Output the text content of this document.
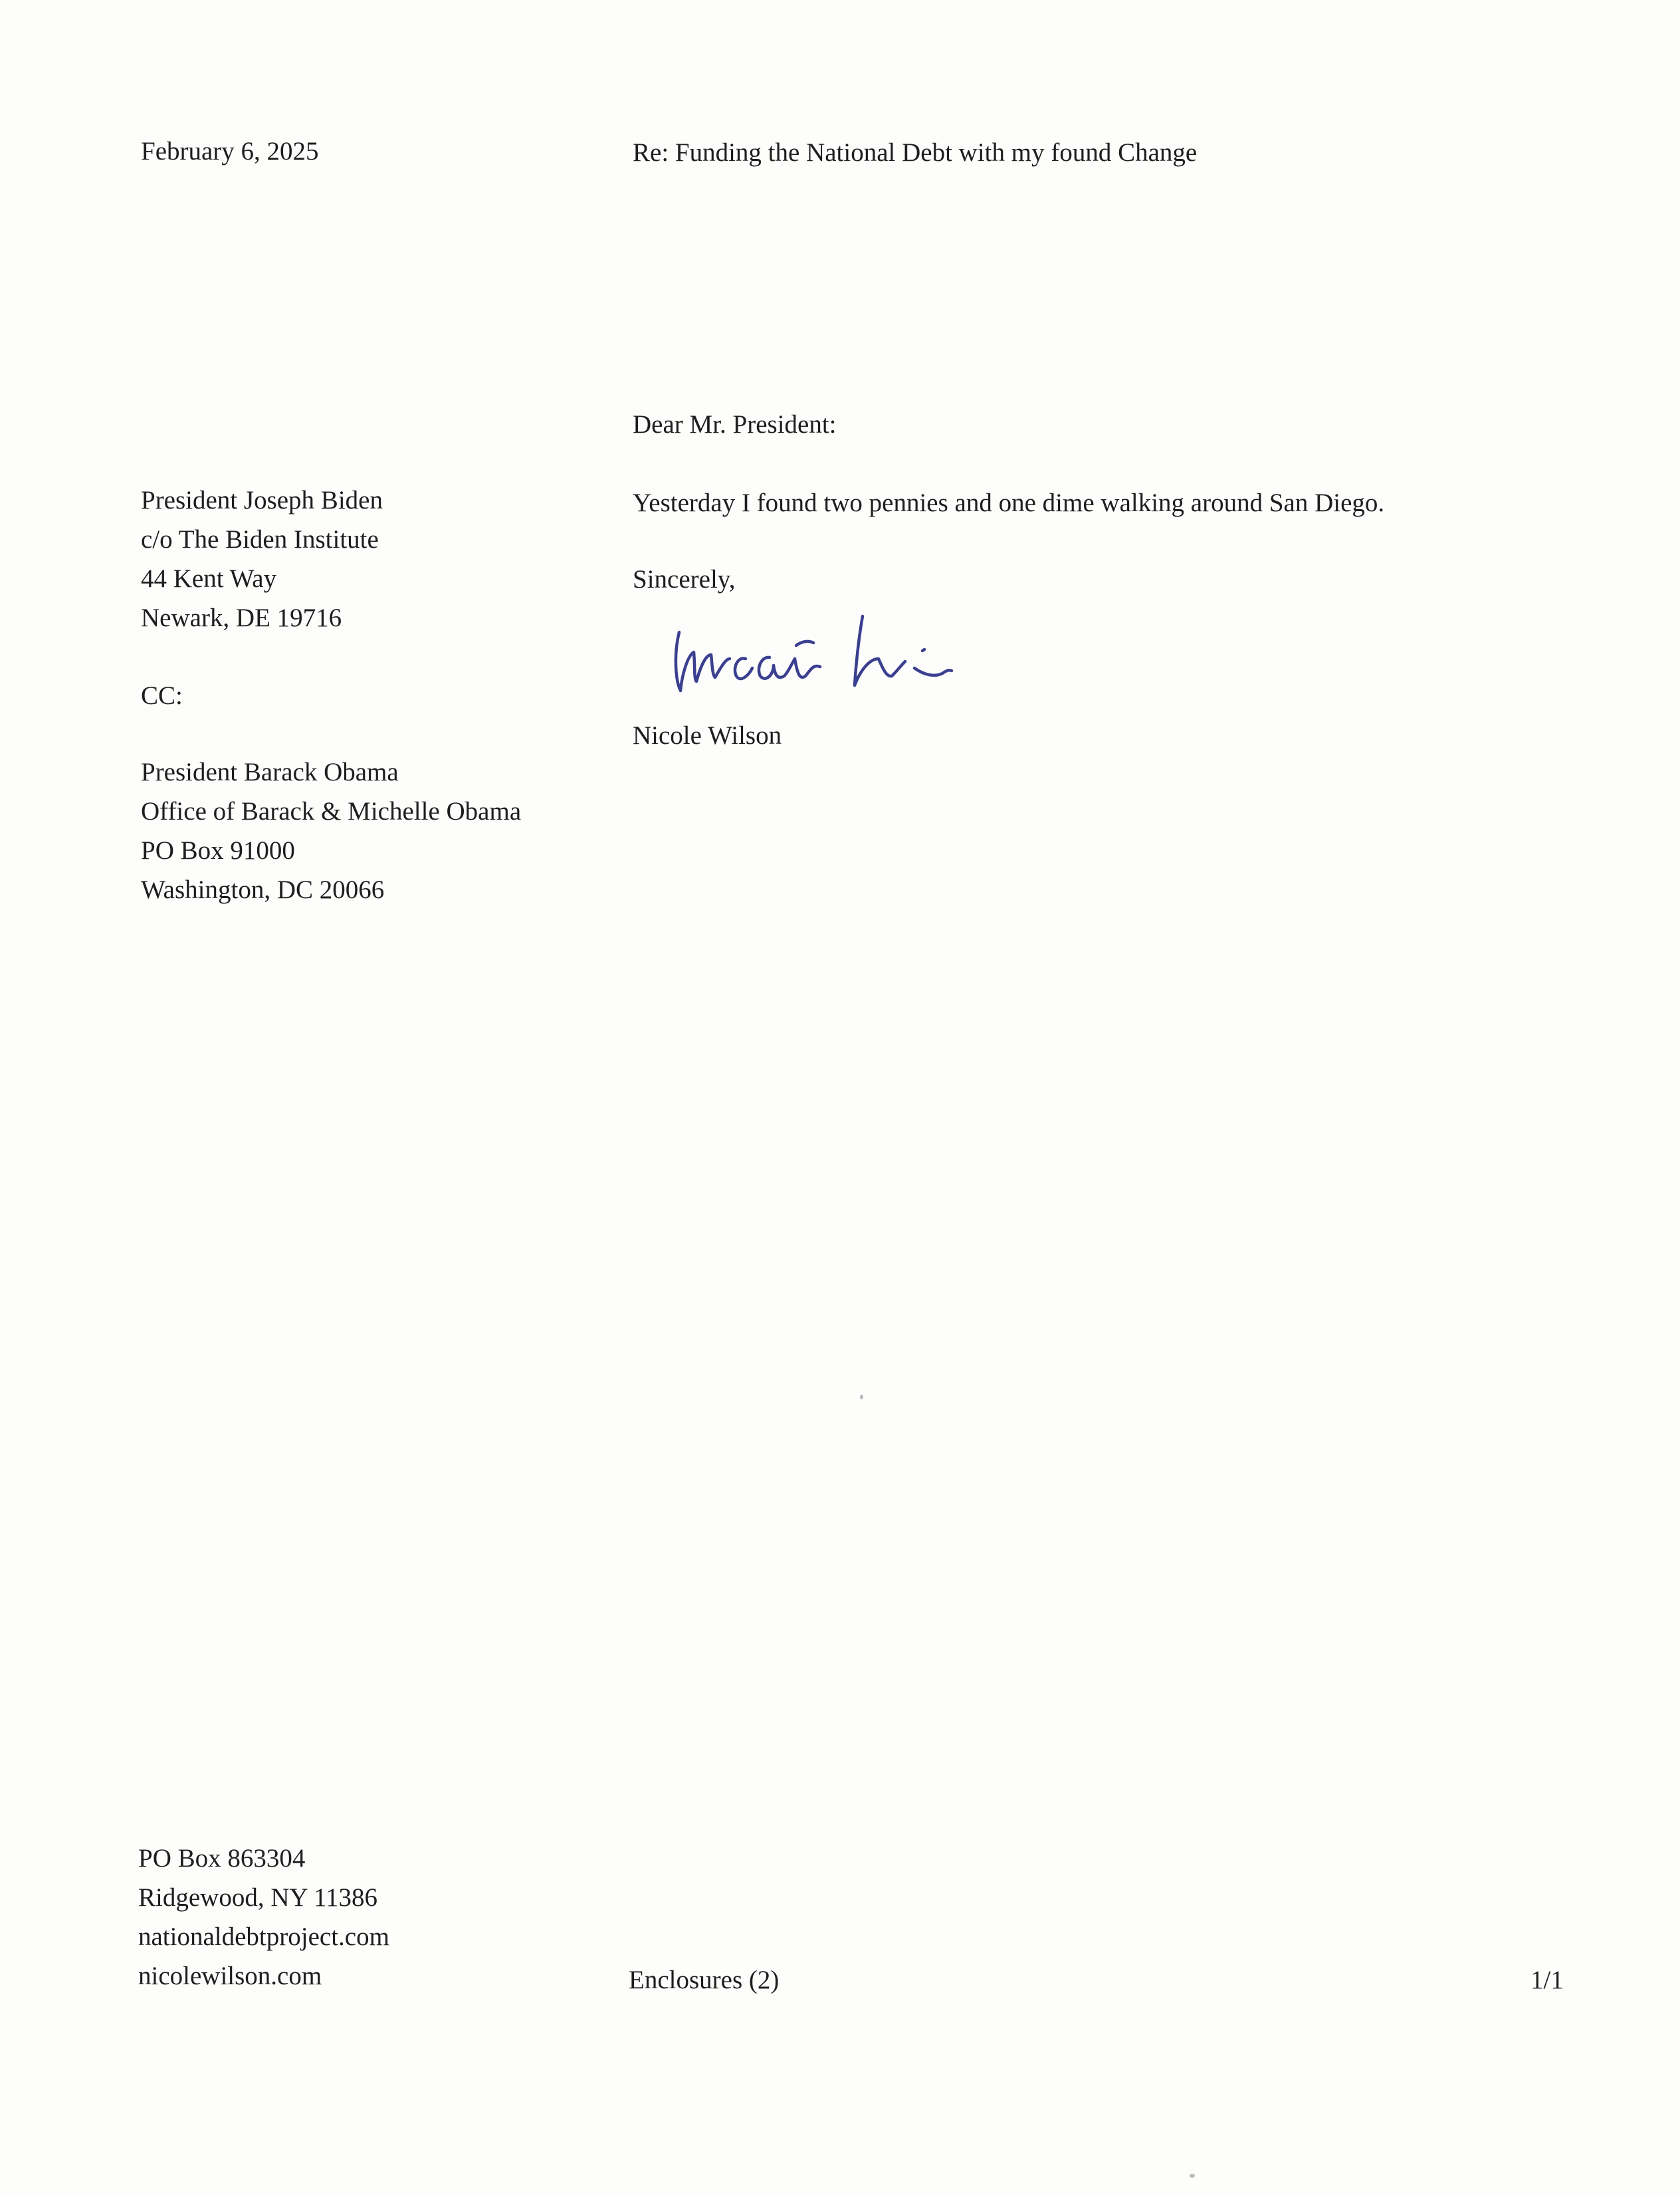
February 6, 2025	Re: Funding the National Debt with my found Change
Dear Mr. President:
President Joseph Biden
c/o The Biden Institute
44 Kent Way
Newark, DE 19716
Yesterday I found two pennies and one dime walking around San Diego.
Sincerely,
CC:
President Barack Obama
Office of Barack & Michelle Obama
PO Box 91000
Washington, DC 20066
Nicole Wilson
PO Box 863304
Ridgewood, NY 11386
nationaldebtproject.com
nicolewilson.com	Enclosures (2)	1/1
